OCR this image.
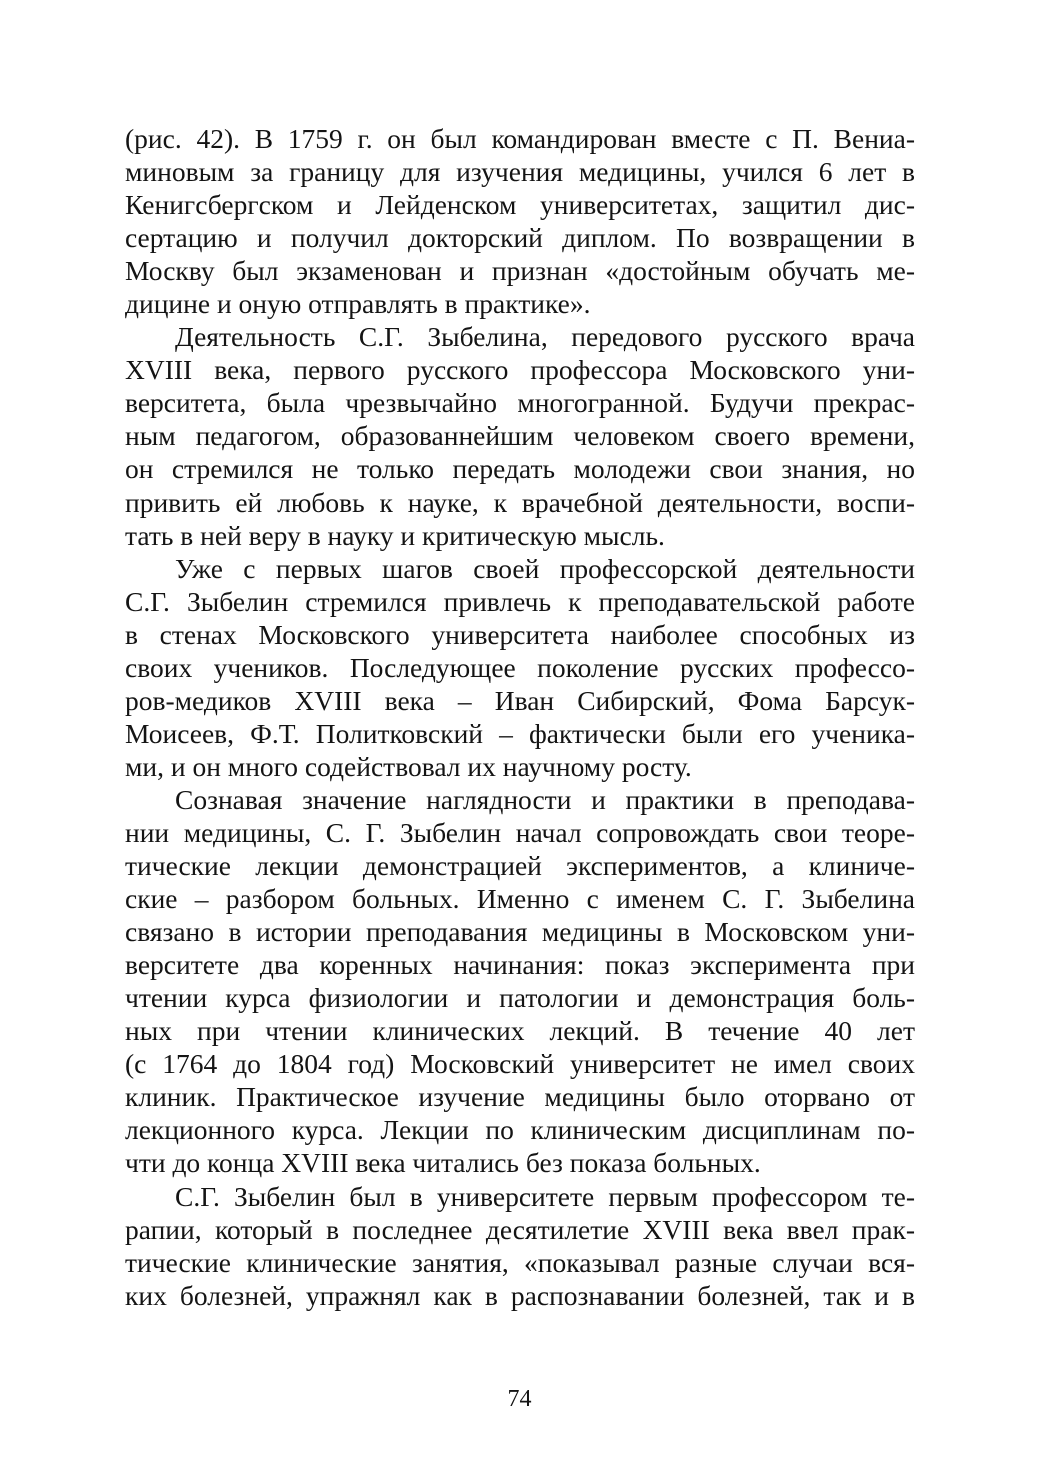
(рис. 42). В 1759 г. он был командирован вместе с П. Вениа-
миновым за границу для изучения медицины, учился 6 лет в
Кенигсбергском и Лейденском университетах, защитил дис-
сертацию и получил докторский диплом. По возвращении в
Москву был экзаменован и признан «достойным обучать ме-
дицине и оную отправлять в практике».
Деятельность С.Г. Зыбелина, передового русского врача
XVIII века, первого русского профессора Московского уни-
верситета, была чрезвычайно многогранной. Будучи прекрас-
ным педагогом, образованнейшим человеком своего времени,
он стремился не только передать молодежи свои знания, но
привить ей любовь к науке, к врачебной деятельности, воспи-
тать в ней веру в науку и критическую мысль.
Уже с первых шагов своей профессорской деятельности
С.Г. Зыбелин стремился привлечь к преподавательской работе
в стенах Московского университета наиболее способных из
своих учеников. Последующее поколение русских профессо-
ров-медиков XVIII века – Иван Сибирский, Фома Барсук-
Моисеев, Ф.Т. Политковский – фактически были его ученика-
ми, и он много содействовал их научному росту.
Сознавая значение наглядности и практики в преподава-
нии медицины, С. Г. Зыбелин начал сопровождать свои теоре-
тические лекции демонстрацией экспериментов, а клиниче-
ские – разбором больных. Именно с именем С. Г. Зыбелина
связано в истории преподавания медицины в Московском уни-
верситете два коренных начинания: показ эксперимента при
чтении курса физиологии и патологии и демонстрация боль-
ных при чтении клинических лекций. В течение 40 лет
(с 1764 до 1804 год) Московский университет не имел своих
клиник. Практическое изучение медицины было оторвано от
лекционного курса. Лекции по клиническим дисциплинам по-
чти до конца XVIII века читались без показа больных.
С.Г. Зыбелин был в университете первым профессором те-
рапии, который в последнее десятилетие XVIII века ввел прак-
тические клинические занятия, «показывал разные случаи вся-
ких болезней, упражнял как в распознавании болезней, так и в
74
